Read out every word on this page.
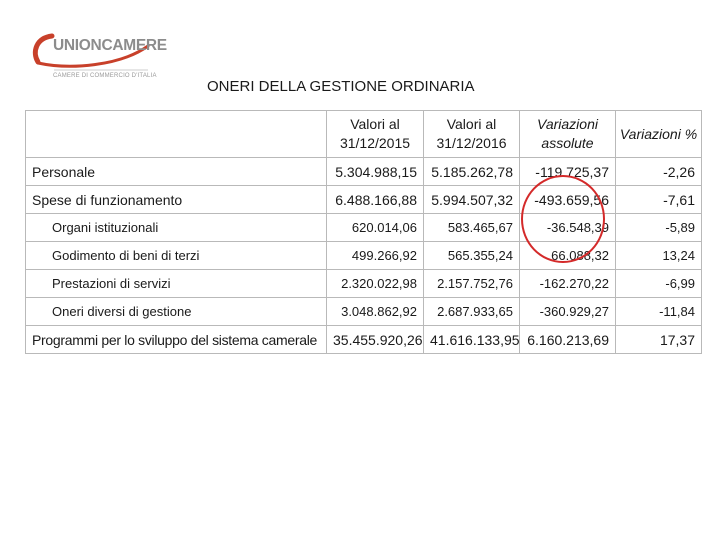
UNIONCAMERE
CAMERE DI COMMERCIO D'ITALIA
ONERI DELLA GESTIONE ORDINARIA
	Valori al 31/12/2015	Valori al 31/12/2016	Variazioni assolute	Variazioni %
Personale	5.304.988,15	5.185.262,78	-119.725,37	-2,26
Spese di funzionamento	6.488.166,88	5.994.507,32	-493.659,56	-7,61
Organi istituzionali	620.014,06	583.465,67	-36.548,39	-5,89
Godimento di beni di terzi	499.266,92	565.355,24	66.088,32	13,24
Prestazioni di servizi	2.320.022,98	2.157.752,76	-162.270,22	-6,99
Oneri diversi di gestione	3.048.862,92	2.687.933,65	-360.929,27	-11,84
Programmi per lo sviluppo del sistema camerale	35.455.920,26	41.616.133,95	6.160.213,69	17,37
